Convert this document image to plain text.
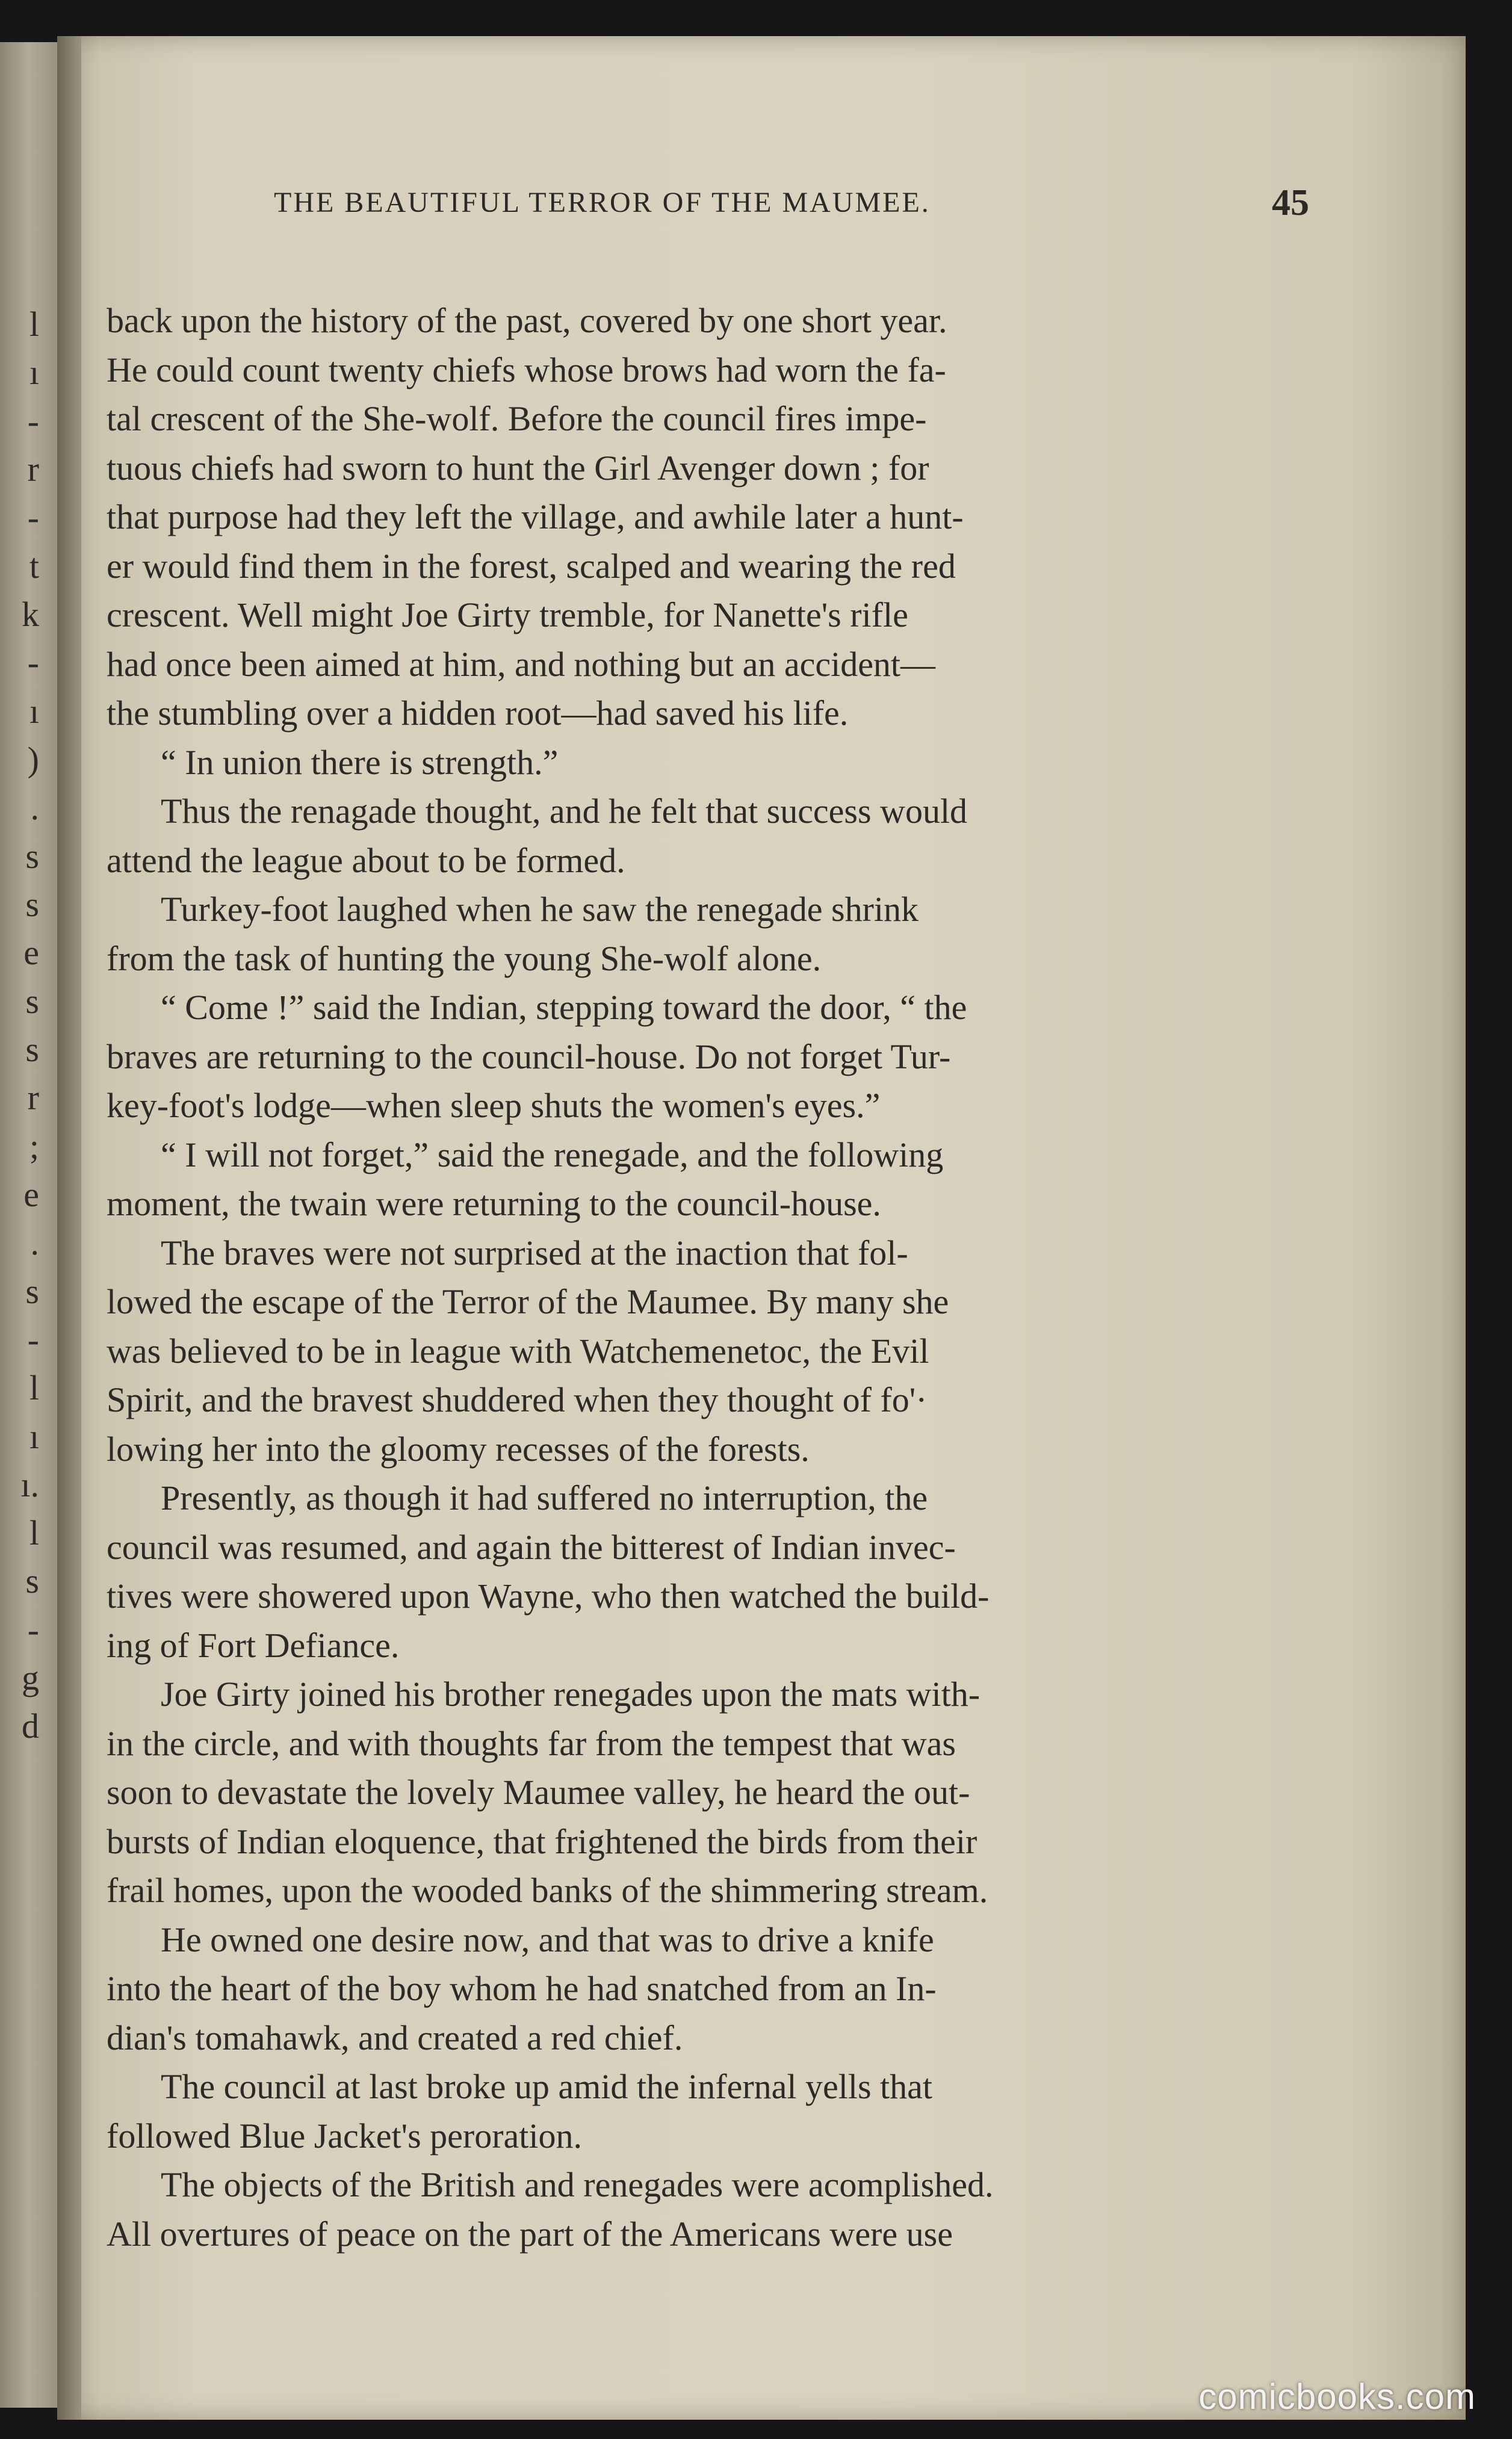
l
ı
-
r
-
t
k
-
ı
)
.
s
s
e
s
s
r
;
e
.
s
-
l
ı
ı.
l
s
-
g
d
THE BEAUTIFUL TERROR OF THE MAUMEE.	45
back upon the history of the past, covered by one short year.
He could count twenty chiefs whose brows had worn the fa-
tal crescent of the She-wolf. Before the council fires impe-
tuous chiefs had sworn to hunt the Girl Avenger down ; for
that purpose had they left the village, and awhile later a hunt-
er would find them in the forest, scalped and wearing the red
crescent. Well might Joe Girty tremble, for Nanette's rifle
had once been aimed at him, and nothing but an accident—
the stumbling over a hidden root—had saved his life.
“ In union there is strength.”
Thus the renagade thought, and he felt that success would
attend the league about to be formed.
Turkey-foot laughed when he saw the renegade shrink
from the task of hunting the young She-wolf alone.
“ Come !” said the Indian, stepping toward the door, “ the
braves are returning to the council-house. Do not forget Tur-
key-foot's lodge—when sleep shuts the women's eyes.”
“ I will not forget,” said the renegade, and the following
moment, the twain were returning to the council-house.
The braves were not surprised at the inaction that fol-
lowed the escape of the Terror of the Maumee. By many she
was believed to be in league with Watchemenetoc, the Evil
Spirit, and the bravest shuddered when they thought of fo'·
lowing her into the gloomy recesses of the forests.
Presently, as though it had suffered no interruption, the
council was resumed, and again the bitterest of Indian invec-
tives were showered upon Wayne, who then watched the build-
ing of Fort Defiance.
Joe Girty joined his brother renegades upon the mats with-
in the circle, and with thoughts far from the tempest that was
soon to devastate the lovely Maumee valley, he heard the out-
bursts of Indian eloquence, that frightened the birds from their
frail homes, upon the wooded banks of the shimmering stream.
He owned one desire now, and that was to drive a knife
into the heart of the boy whom he had snatched from an In-
dian's tomahawk, and created a red chief.
The council at last broke up amid the infernal yells that
followed Blue Jacket's peroration.
The objects of the British and renegades were acomplished.
All overtures of peace on the part of the Americans were use
comicbooks.com
